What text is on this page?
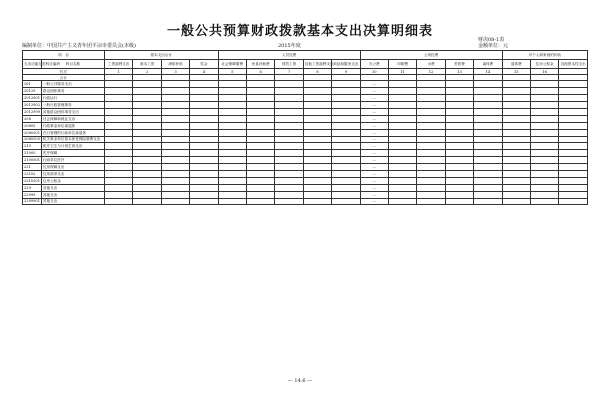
一般公共预算财政拨款基本支出决算明细表
财决08-1表
编制单位：中国共产主义青年团平凉市委员会(本级)	2015年度	金额单位：元
项　目		基本支出合计				人员经费					公用经费					对个人和家庭的补助		
支出功能分类科目编码	科目名称	工资福利支出	基本工资	津贴补贴	奖金	社会保障缴费	伙食补助费	绩效工资	其他工资福利支出	商品和服务支出	办公费	印刷费	水费	差旅费	离休费	退休费	住房公积金	其他资本性支出
栏次		1	2	3	4	5	6	7	8	9	10	11	12	13	14	15	16	
合计																		
201	一般公共服务支出										—							
20129	群众团体事务										—							
2012901	行政运行										—							
2012902	一般行政管理事务										—							
2012999	其他群众团体事务支出										—							
208	社会保障和就业支出										—							
20805	行政事业单位离退休										—							
2080501	归口管理的行政单位离退休										—							
2080505	机关事业单位基本养老保险缴费支出										—							
210	医疗卫生与计划生育支出										—							
21005	医疗保障										—							
2100501	行政单位医疗										—							
221	住房保障支出										—							
22102	住房改革支出										—							
2210201	住房公积金										—							
229	其他支出										—							
22999	其他支出										—							
2299901	其他支出										—							
— 14.6 —
